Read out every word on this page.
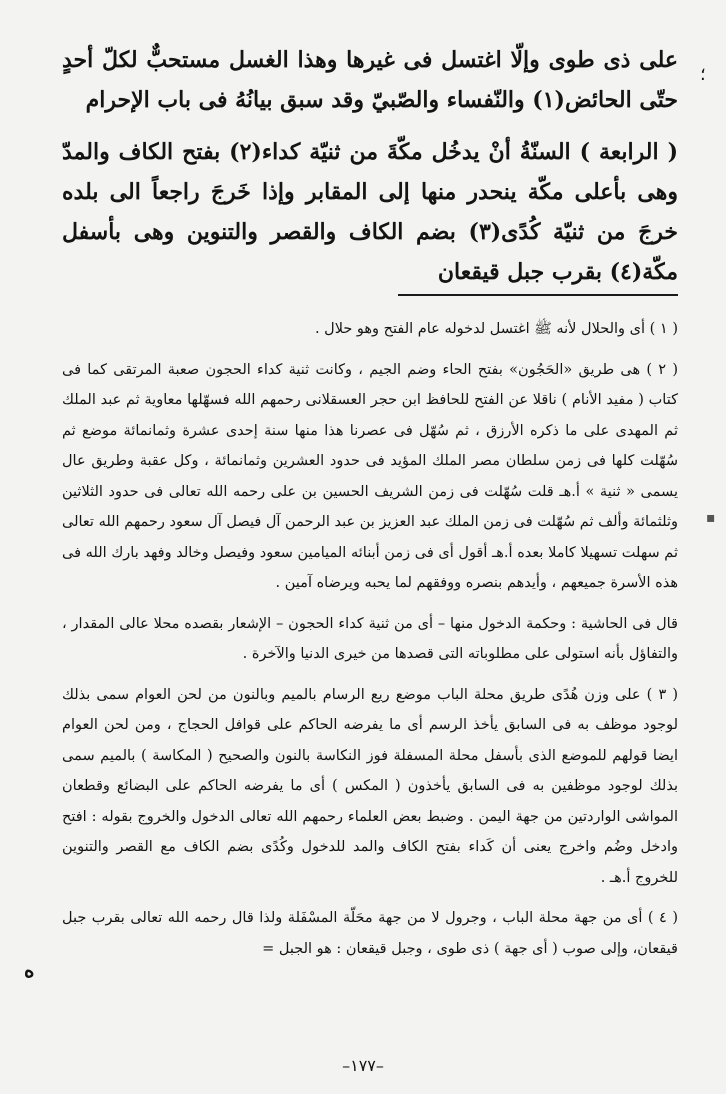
على ذى طوى وإلّا اغتسل فى غيرها وهذا الغسل مستحبٌّ لكلّ أحدٍ حتّى الحائض(١) والنّفساء والصّبيّ وقد سبق بيانُهُ فى باب الإحرام

( الرابعة ) السنّةُ أنْ يدخُل مكّةَ من ثنيّة كداء(٢) بفتح الكاف والمدّ وهى بأعلى مكّة ينحدر منها إلى المقابر وإذا خَرجَ راجعاً الى بلده خرجَ من ثنيّة كُدًى(٣) بضم الكاف والقصر والتنوين وهى بأسفل مكّة(٤) بقرب جبل قيقعان

( ١ ) أى والحلال لأنه ﷺ اغتسل لدخوله عام الفتح وهو حلال .

( ٢ ) هى طريق «الحَجُون» بفتح الحاء وضم الجيم ، وكانت ثنية كداء الحجون صعبة المرتقى كما فى كتاب ( مفيد الأنام ) ناقلا عن الفتح للحافظ ابن حجر العسقلانى رحمهم الله فسهّلها معاوية ثم عبد الملك ثم المهدى على ما ذكره الأرزق ، ثم سُهّل فى عصرنا هذا منها سنة إحدى عشرة وثمانمائة موضع ثم سُهّلت كلها فى زمن سلطان مصر الملك المؤيد فى حدود العشرين وثمانمائة ، وكل عقبة وطريق عال يسمى « ثنية » أ.هـ قلت سُهّلت فى زمن الشريف الحسين بن على رحمه الله تعالى فى حدود الثلاثين وثلثمائة وألف ثم سُهّلت فى زمن الملك عبد العزيز بن عبد الرحمن آل فيصل آل سعود رحمهم الله تعالى ثم سهلت تسهيلا كاملا بعده أ.هـ أقول أى فى زمن أبنائه الميامين سعود وفيصل وخالد وفهد بارك الله فى هذه الأسرة جميعهم ، وأيدهم بنصره ووفقهم لما يحبه ويرضاه آمين .

قال فى الحاشية : وحكمة الدخول منها – أى من ثنية كداء الحجون – الإشعار بقصده محلا عالى المقدار ، والتفاؤل بأنه استولى على مطلوباته التى قصدها من خيرى الدنيا والآخرة .

( ٣ ) على وزن هُدًى طريق محلة الباب موضع ريع الرسام بالميم وبالنون من لحن العوام سمى بذلك لوجود موظف به فى السابق يأخذ الرسم أى ما يفرضه الحاكم على قوافل الحجاج ، ومن لحن العوام ايضا قولهم للموضع الذى بأسفل محلة المسفلة فوز النكاسة بالنون والصحيح ( المكاسة ) بالميم سمى بذلك لوجود موظفين به فى السابق يأخذون ( المكس ) أى ما يفرضه الحاكم على البضائع وقطعان المواشى الواردتين من جهة اليمن . وضبط بعض العلماء رحمهم الله تعالى الدخول والخروج بقوله : افتح وادخل وضُم واخرج يعنى أن كَداء بفتح الكاف والمد للدخول وكُدًى بضم الكاف مع القصر والتنوين للخروج أ.هـ .

( ٤ ) أى من جهة محلة الباب ، وجرول لا من جهة محَلّة المسْفَلة ولذا قال رحمه الله تعالى بقرب جبل قيقعان، وإلى صوب ( أى جهة ) ذى طوى ، وجبل قيقعان : هو الجبل =

–١٧٧–
ه
؛
▪
